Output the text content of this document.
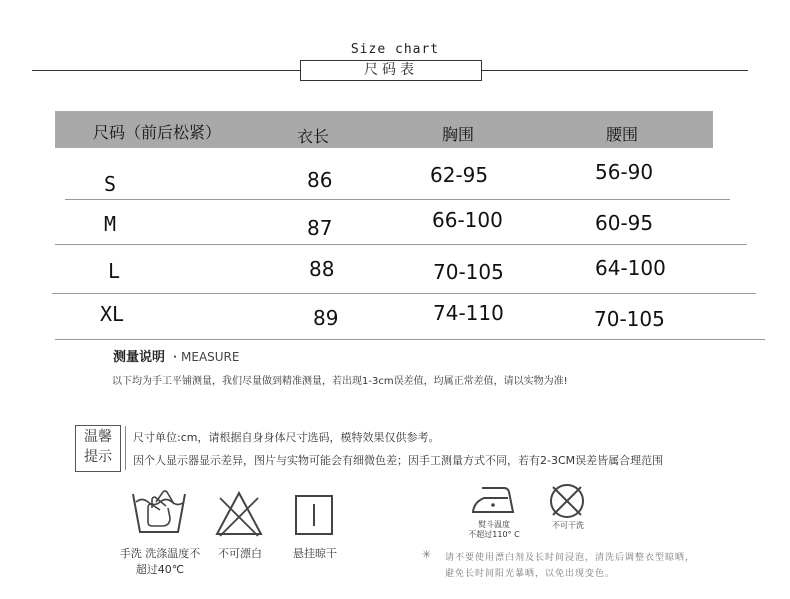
Size chart
尺码表
尺码（前后松紧）	衣长	胸围	腰围
S	86	62-95	56-90
M	87	66-100	60-95
L	88	70-105	64-100
XL	89	74-110	70-105
测量说明 ・MEASURE
以下均为手工平铺测量，我们尽量做到精准测量，若出现1-3cm误差值，均属正常差值，请以实物为准!
温馨
提示
尺寸单位:cm，请根据自身身体尺寸选码，模特效果仅供参考。
因个人显示器显示差异，图片与实物可能会有细微色差；因手工测量方式不同，若有2-3CM误差皆属合理范围
手洗 洗涤温度不
超过40℃
不可漂白	悬挂晾干
熨斗温度
不超过110° C
不可干洗
✳ 请不要使用漂白剂及长时间浸泡，清洗后调整衣型晾晒，
避免长时间阳光暴晒，以免出现变色。
